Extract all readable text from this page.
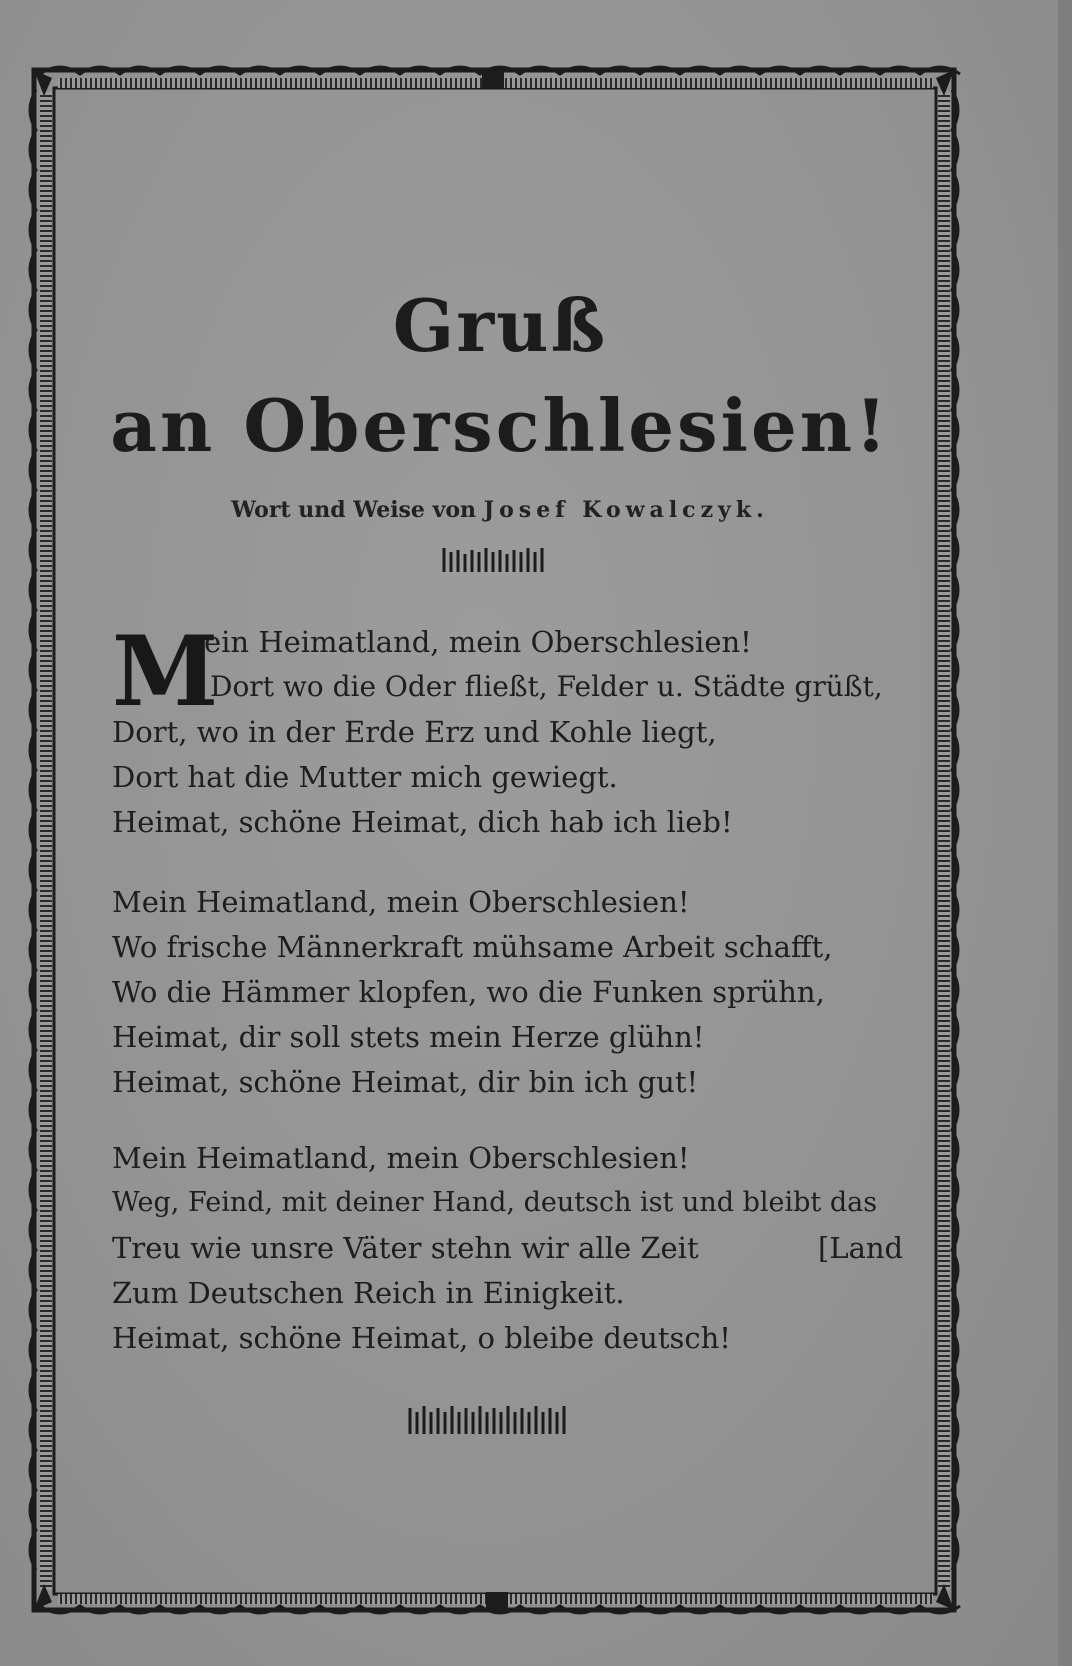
Gruß
an Oberschlesien!
Wort und Weise von Josef Kowalczyk.
M
ein Heimatland, mein Oberschlesien!
Dort wo die Oder fließt, Felder u. Städte grüßt,
Dort, wo in der Erde Erz und Kohle liegt,
Dort hat die Mutter mich gewiegt.
Heimat, schöne Heimat, dich hab ich lieb!
Mein Heimatland, mein Oberschlesien!
Wo frische Männerkraft mühsame Arbeit schafft,
Wo die Hämmer klopfen, wo die Funken sprühn,
Heimat, dir soll stets mein Herze glühn!
Heimat, schöne Heimat, dir bin ich gut!
Mein Heimatland, mein Oberschlesien!
Weg, Feind, mit deiner Hand, deutsch ist und bleibt das
Treu wie unsre Väter stehn wir alle Zeit	[Land
Zum Deutschen Reich in Einigkeit.
Heimat, schöne Heimat, o bleibe deutsch!
